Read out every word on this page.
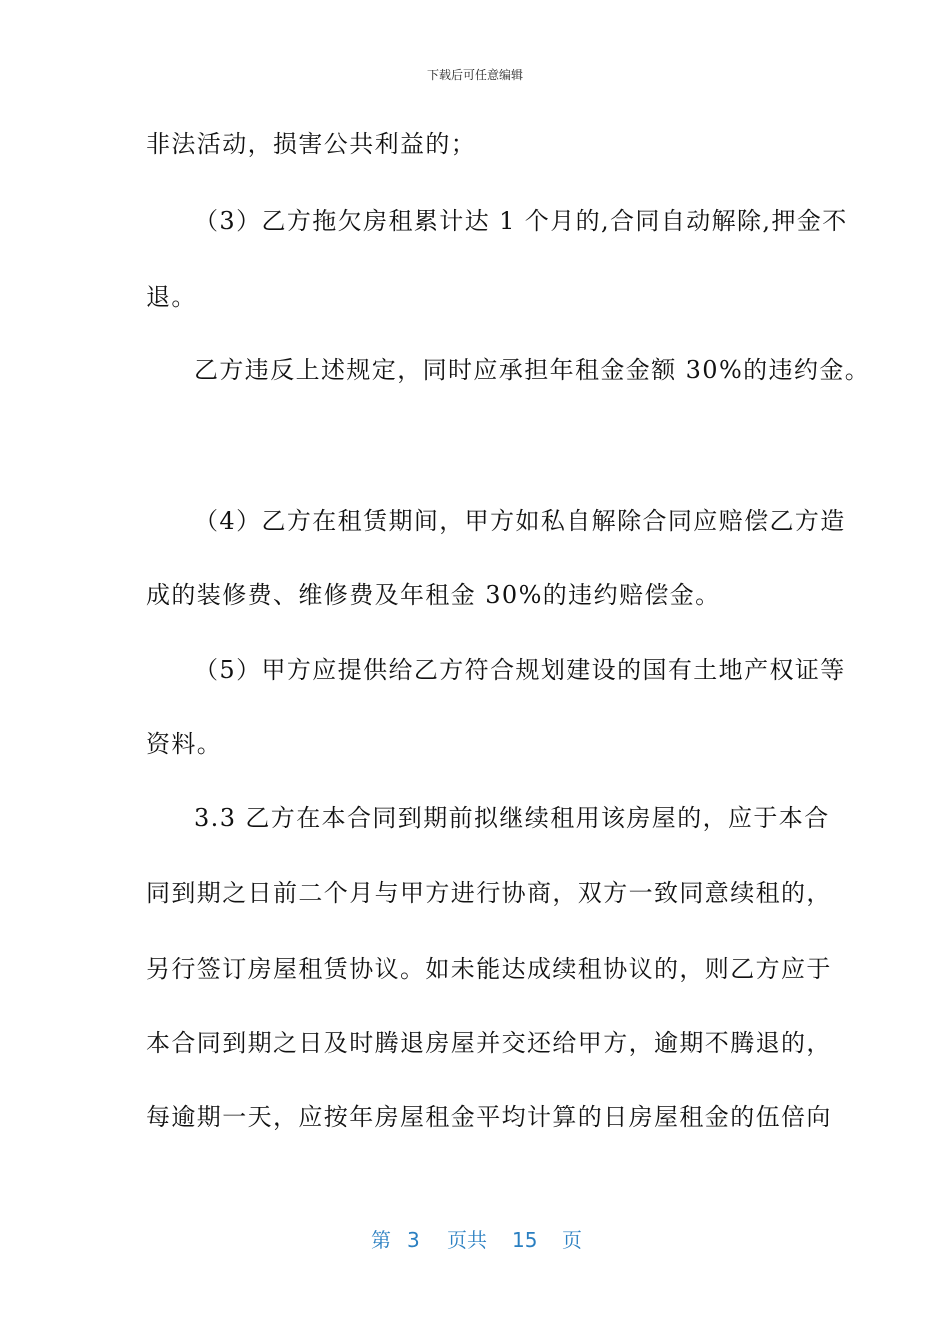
下载后可任意编辑
非法活动，损害公共利益的；
（3）乙方拖欠房租累计达 1 个月的,合同自动解除,押金不
退。
乙方违反上述规定，同时应承担年租金金额 30%的违约金。
（4）乙方在租赁期间，甲方如私自解除合同应赔偿乙方造
成的装修费、维修费及年租金 30%的违约赔偿金。
（5）甲方应提供给乙方符合规划建设的国有土地产权证等
资料。
3.3 乙方在本合同到期前拟继续租用该房屋的，应于本合
同到期之日前二个月与甲方进行协商，双方一致同意续租的，
另行签订房屋租赁协议。如未能达成续租协议的，则乙方应于
本合同到期之日及时腾退房屋并交还给甲方，逾期不腾退的，
每逾期一天，应按年房屋租金平均计算的日房屋租金的伍倍向
第 3 页共 15 页
